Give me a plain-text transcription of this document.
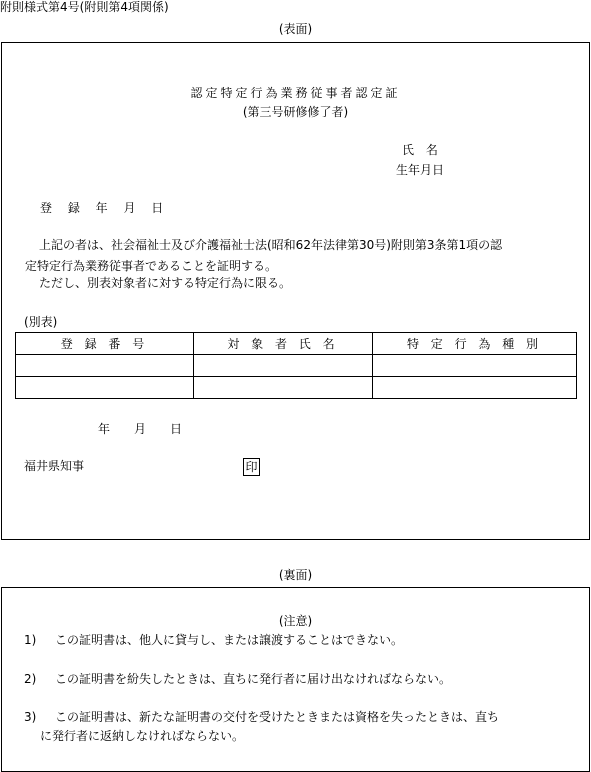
附則様式第4号(附則第4項関係)
(表面)
認定特定行為業務従事者認定証
(第三号研修修了者)
氏 名
生年月日
登 録 年 月 日
上記の者は、社会福祉士及び介護福祉士法(昭和62年法律第30号)附則第3条第1項の認
定特定行為業務従事者であることを証明する。
ただし、別表対象者に対する特定行為に限る。
(別表)
登 録 番 号	対 象 者 氏 名	特 定 行 為 種 別

年　　月　　日
福井県知事	印
(裏面)
(注意)
1) この証明書は、他人に貸与し、または譲渡することはできない。
2) この証明書を紛失したときは、直ちに発行者に届け出なければならない。
3) この証明書は、新たな証明書の交付を受けたときまたは資格を失ったときは、直ち
に発行者に返納しなければならない。
